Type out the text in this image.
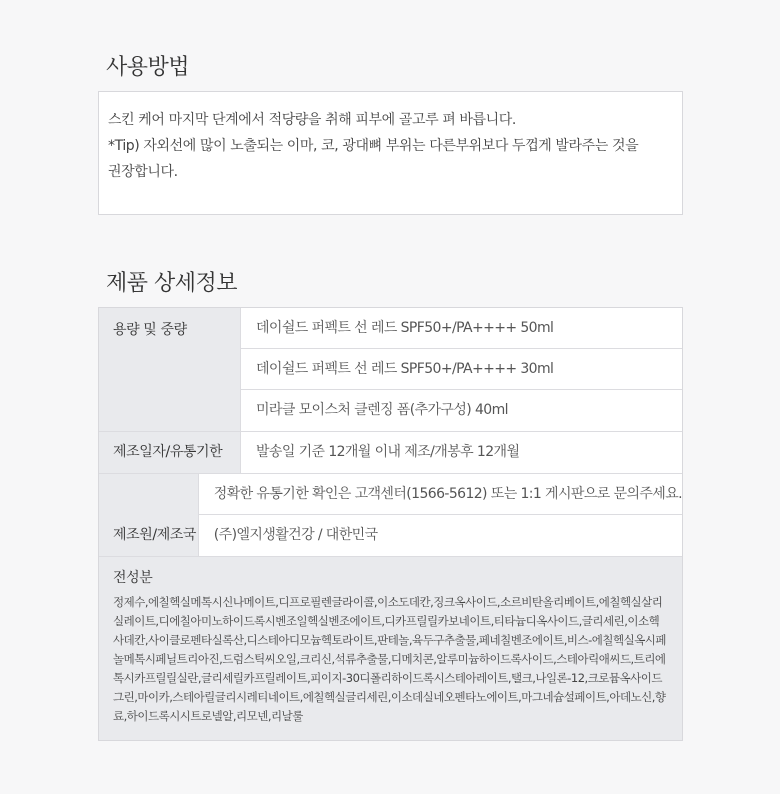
사용방법
스킨 케어 마지막 단계에서 적당량을 취해 피부에 골고루 펴 바릅니다.
*Tip) 자외선에 많이 노출되는 이마, 코, 광대뼈 부위는 다른부위보다 두껍게 발라주는 것을
권장합니다.
제품 상세정보
용량 및 중량	데이쉴드 퍼펙트 선 레드 SPF50+/PA++++ 50ml
데이쉴드 퍼펙트 선 레드 SPF50+/PA++++ 30ml
미라클 모이스처 클렌징 폼(추가구성) 40ml
제조일자/유통기한	발송일 기준 12개월 이내 제조/개봉후 12개월
제조원/제조국
정확한 유통기한 확인은 고객센터(1566-5612) 또는 1:1 게시판으로 문의주세요.
(주)엘지생활건강 / 대한민국
전성분
정제수,에칠헥실메톡시신나메이트,디프로필렌글라이콜,이소도데칸,징크옥사이드,소르비탄올리베이트,에칠헥실살리실레이트,디에칠아미노하이드록시벤조일헥실벤조에이트,디카프릴릴카보네이트,티타늄디옥사이드,글리세린,이소헥사데칸,사이클로펜타실록산,디스테아디모늄헥토라이트,판테놀,육두구추출물,페네칠벤조에이트,비스-에칠헥실옥시페놀메톡시페닐트리아진,드럼스틱씨오일,크리신,석류추출물,디메치콘,알루미늄하이드록사이드,스테아릭애씨드,트리에톡시카프릴릴실란,글리세릴카프릴레이트,피이지-30디폴리하이드록시스테아레이트,탤크,나일론-12,크로뮴옥사이드그린,마이카,스테아릴글리시레티네이트,에칠헥실글리세린,이소데실네오펜타노에이트,마그네슘설페이트,아데노신,향료,하이드록시시트로넬알,리모넨,리날룰
